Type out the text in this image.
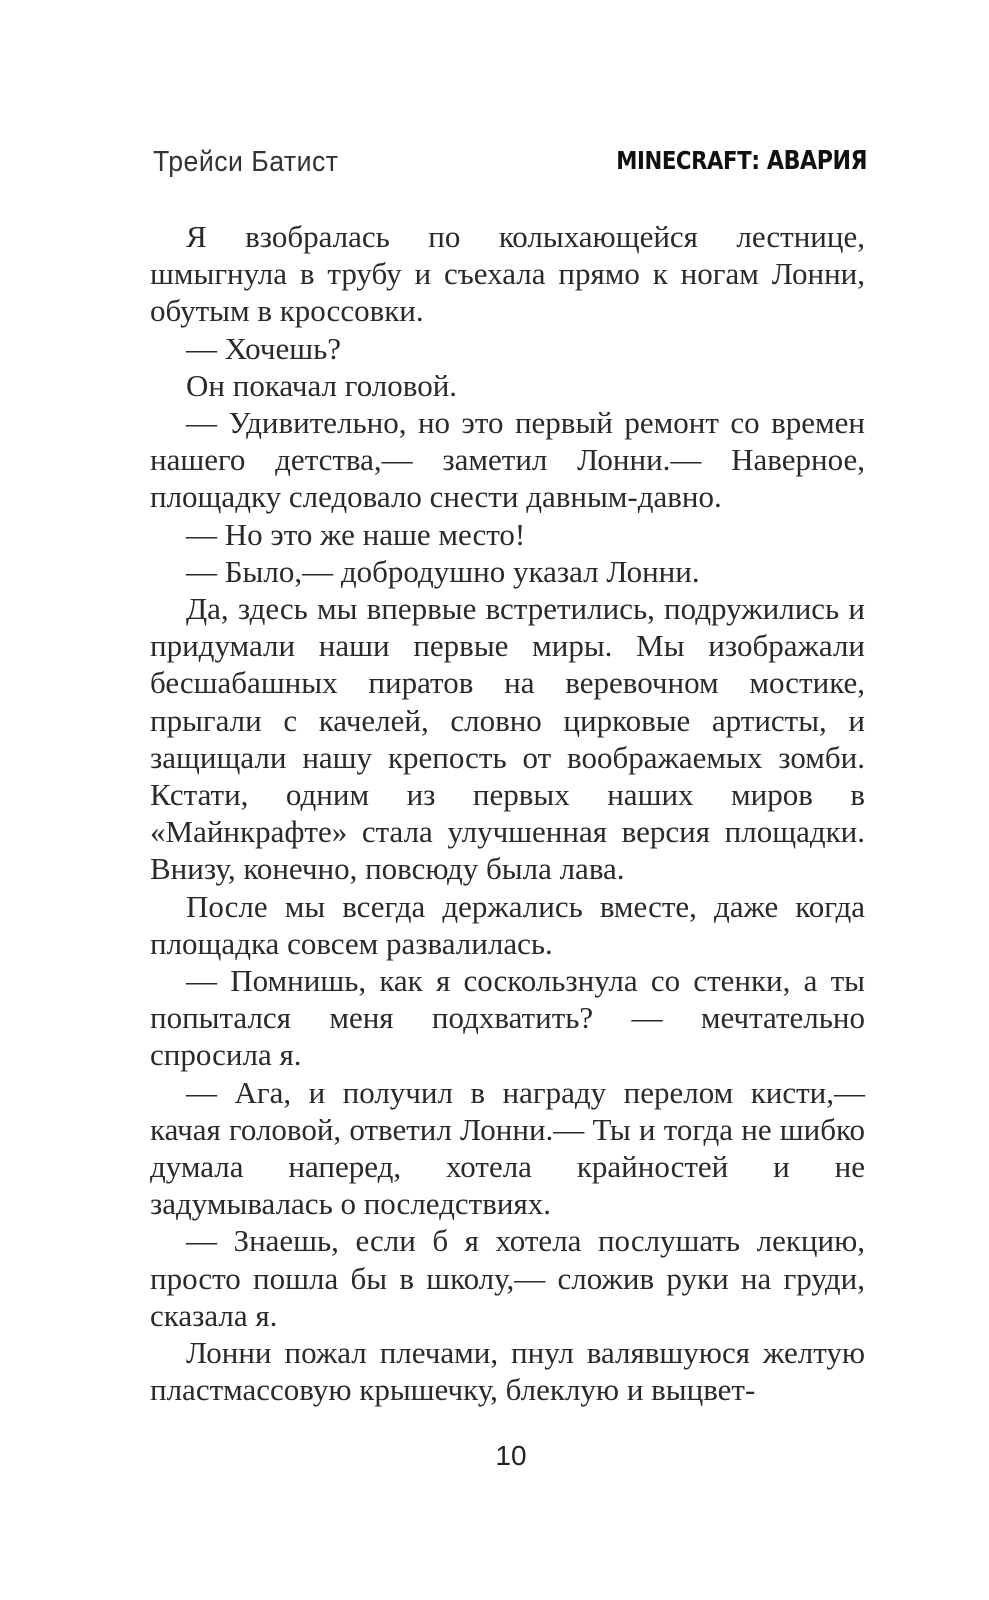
Трейси Батист	MINECRAFT: АВАРИЯ

Я взобралась по колыхающейся лестнице, шмыгнула в трубу и съехала прямо к ногам Лонни, обутым в кроссовки.

— Хочешь?

Он покачал головой.

— Удивительно, но это первый ремонт со времен нашего детства,— заметил Лонни.— Наверное, площадку следовало снести давным-давно.

— Но это же наше место!

— Было,— добродушно указал Лонни.

Да, здесь мы впервые встретились, подружились и придумали наши первые миры. Мы изображали бесшабашных пиратов на веревочном мостике, прыгали с качелей, словно цирковые артисты, и защищали нашу крепость от воображаемых зомби. Кстати, одним из первых наших миров в «Майнкрафте» стала улучшенная версия площадки. Внизу, конечно, повсюду была лава.

После мы всегда держались вместе, даже когда площадка совсем развалилась.

— Помнишь, как я соскользнула со стенки, а ты попытался меня подхватить? — мечтательно спросила я.

— Ага, и получил в награду перелом кисти,— качая головой, ответил Лонни.— Ты и тогда не шибко думала наперед, хотела крайностей и не задумывалась о последствиях.

— Знаешь, если б я хотела послушать лекцию, просто пошла бы в школу,— сложив руки на груди, сказала я.

Лонни пожал плечами, пнул валявшуюся желтую пластмассовую крышечку, блеклую и выцвет-

10
